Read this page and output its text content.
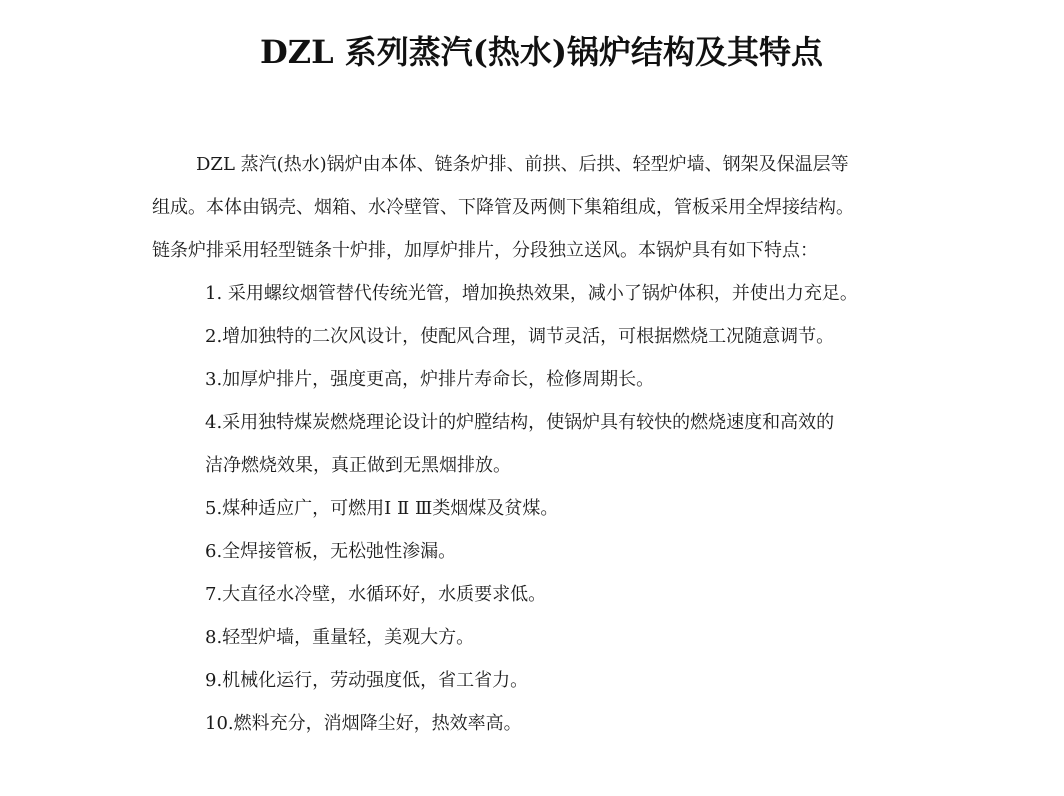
DZL 系列蒸汽(热水)锅炉结构及其特点
DZL 蒸汽(热水)锅炉由本体、链条炉排、前拱、后拱、轻型炉墙、钢架及保温层等
组成。本体由锅壳、烟箱、水冷壁管、下降管及两侧下集箱组成，管板采用全焊接结构。
链条炉排采用轻型链条十炉排，加厚炉排片，分段独立送风。本锅炉具有如下特点：
1. 采用螺纹烟管替代传统光管，增加换热效果，减小了锅炉体积，并使出力充足。
2.增加独特的二次风设计，使配风合理，调节灵活，可根据燃烧工况随意调节。
3.加厚炉排片，强度更高，炉排片寿命长，检修周期长。
4.采用独特煤炭燃烧理论设计的炉膛结构，使锅炉具有较快的燃烧速度和高效的
洁净燃烧效果，真正做到无黑烟排放。
5.煤种适应广，可燃用Ⅰ Ⅱ Ⅲ类烟煤及贫煤。
6.全焊接管板，无松弛性渗漏。
7.大直径水冷壁，水循环好，水质要求低。
8.轻型炉墙，重量轻，美观大方。
9.机械化运行，劳动强度低，省工省力。
10.燃料充分，消烟降尘好，热效率高。
